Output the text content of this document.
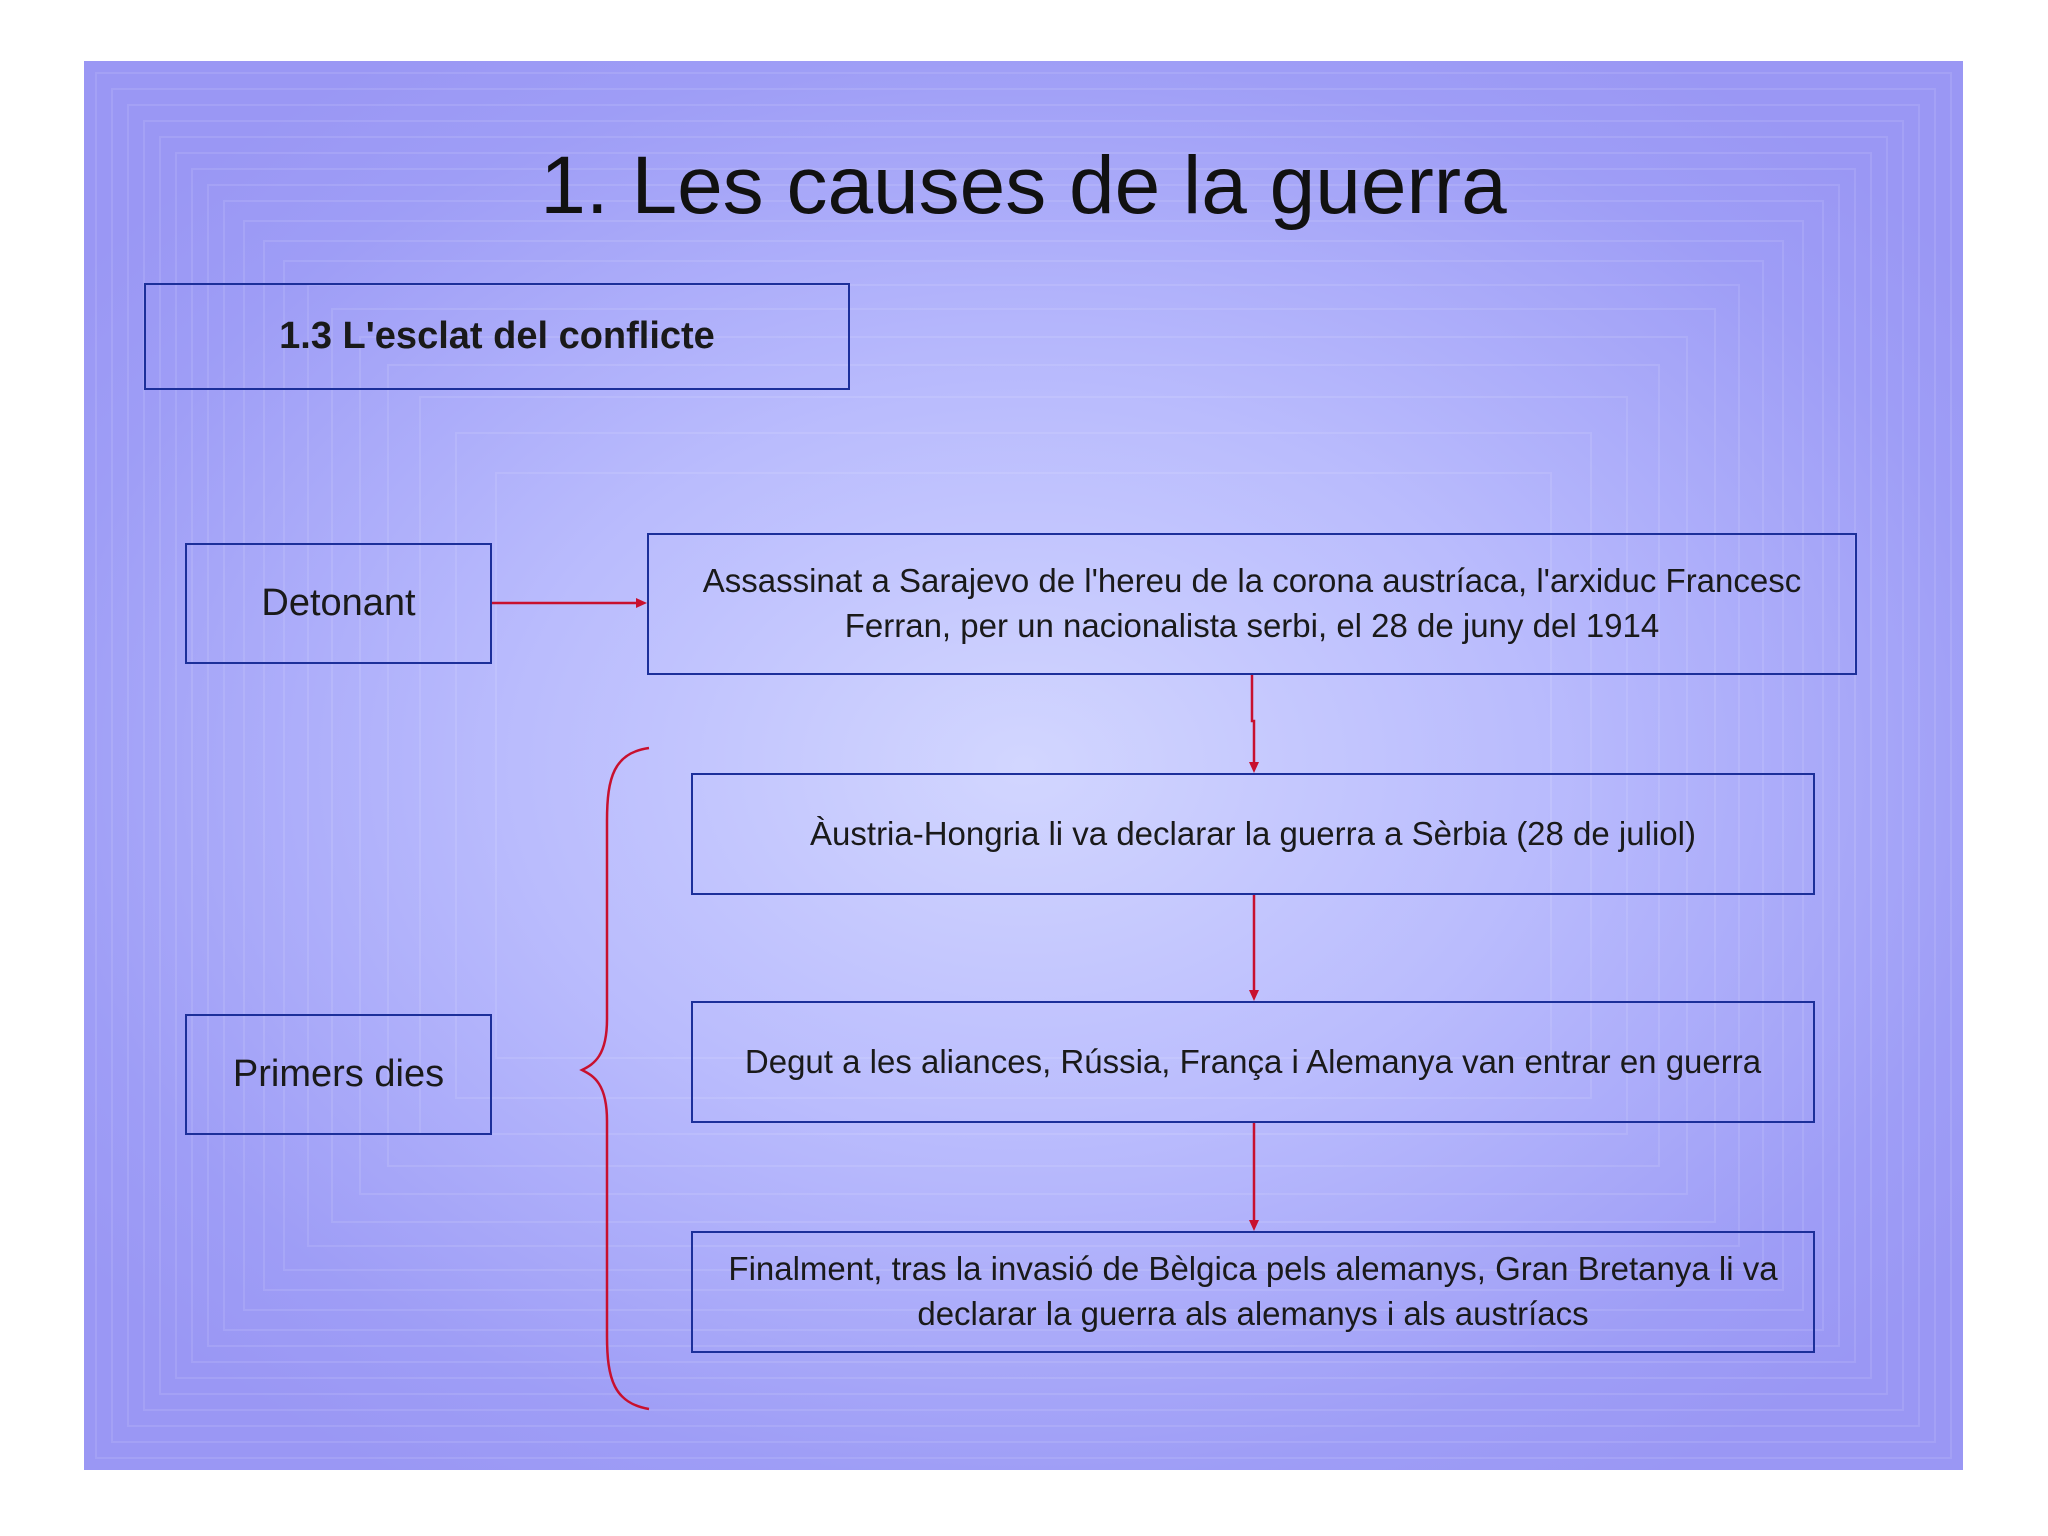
1. Les causes de la guerra
1.3 L'esclat del conflicte
Detonant
Primers dies
Assassinat a Sarajevo de l'hereu de la corona austríaca, l'arxiduc Francesc Ferran, per un nacionalista serbi, el 28 de juny del 1914
Àustria-Hongria li va declarar la guerra a Sèrbia (28 de juliol)
Degut a les aliances, Rússia, França i Alemanya van entrar en guerra
Finalment, tras la invasió de Bèlgica pels alemanys, Gran Bretanya li va declarar la guerra als alemanys i als austríacs
